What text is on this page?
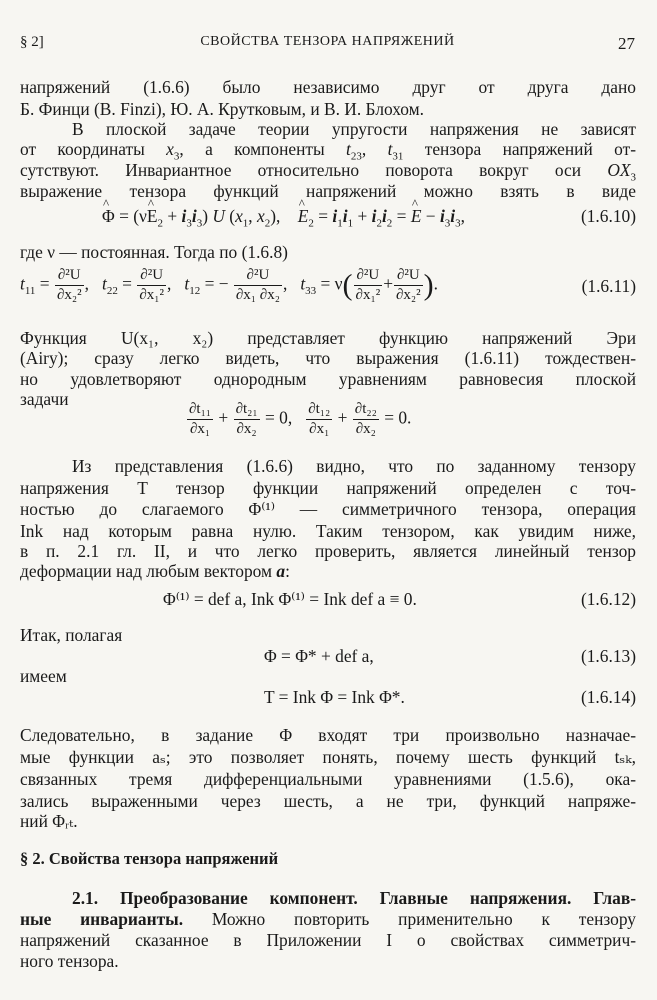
§ 2]	СВОЙСТВА ТЕНЗОРА НАПРЯЖЕНИЙ	27
напряжений (1.6.6) было независимо друг от друга дано
Б. Финци (B. Finzi), Ю. А. Крутковым, и В. И. Блохом.
В плоской задаче теории упругости напряжения не зависят
от координаты $x_3$, а компоненты $t_{23}$, $t_{31}$ тензора напряжений от-
сутствуют. Инвариантное относительно поворота вокруг оси $OX_3$
выражение тензора функций напряжений можно взять в виде
^ Φ = (ν^ $E_2 + i_3i_3$) U ($x_1$, $x_2$),    ^ $E_2 = i_1i_1 + i_2i_2$ = ^ $E - i_3i_3$,	(1.6.10)
где ν — постоянная. Тогда по (1.6.8)
$t_{11} = \frac{\text{∂²U}}{\text{∂x₂²}}$ ,   $t_{22} = \frac{\text{∂²U}}{\text{∂x₁²}}$ ,   $t_{12}$ = − $\frac{\text{∂²U}}{\text{∂x₁ ∂x₂}}$ ,   $t_{33} = \nu( \frac{\text{∂²U}}{\text{∂x₁²}} + \frac{\text{∂²U}}{\text{∂x₂²}}$ ).	(1.6.11)
Функция U(x₁, x₂) представляет функцию напряжений Эри
(Airy); сразу легко видеть, что выражения (1.6.11) тождествен-
но удовлетворяют однородным уравнениям равновесия плоской
задачи
$\frac{\text{∂t₁₁}}{\text{∂x₁}} + \frac{\text{∂t₂₁}}{\text{∂x₂}} = 0$, $\frac{\text{∂t₁₂}}{\text{∂x₁}} + \frac{\text{∂t₂₂}}{\text{∂x₂}} = 0$.
Из представления (1.6.6) видно, что по заданному тензору
напряжения T тензор функции напряжений определен с точ-
ностью до слагаемого Φ⁽¹⁾ — симметричного тензора, операция
Ink над которым равна нулю. Таким тензором, как увидим ниже,
в п. 2.1 гл. II, и что легко проверить, является линейный тензор
деформации над любым вектором a:
Φ⁽¹⁾ = def a, Ink Φ⁽¹⁾ = Ink def a ≡ 0.	(1.6.12)
Итак, полагая
Φ = Φ* + def a,	(1.6.13)
имеем
T = Ink Φ = Ink Φ*.	(1.6.14)
Следовательно, в задание Φ входят три произвольно назначае-
мые функции aₛ; это позволяет понять, почему шесть функций tₛₖ,
связанных тремя дифференциальными уравнениями (1.5.6), ока-
зались выраженными через шесть, а не три, функций напряже-
ний Φᵣₜ.
§ 2. Свойства тензора напряжений
2.1. Преобразование компонент. Главные напряжения. Глав-
ные инварианты. Можно повторить применительно к тензору
напряжений сказанное в Приложении I о свойствах симметрич-
ного тензора.
